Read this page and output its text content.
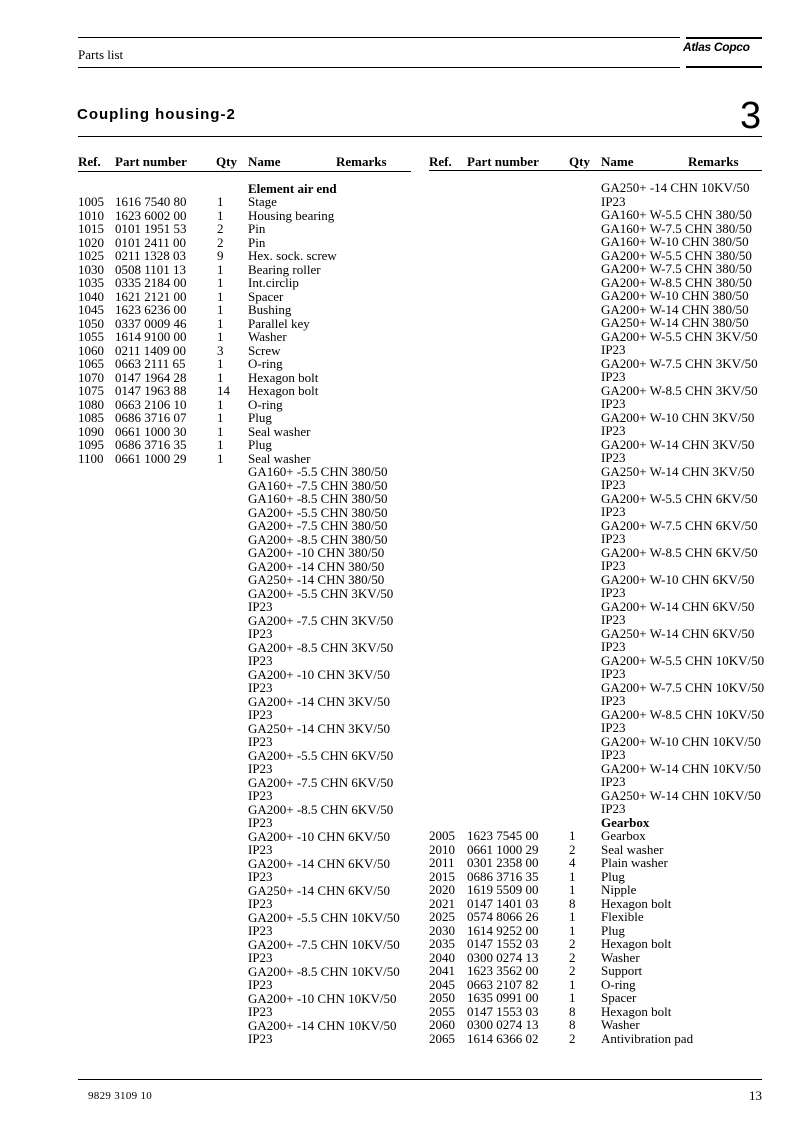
Parts list	Atlas Copco
Coupling housing-2	3
Ref. Part number Qty Name	Remarks	Ref. Part number Qty Name	Remarks
Element air end
1005 1616 7540 80 1 Stage
1010 1623 6002 00 1 Housing bearing
1015 0101 1951 53 2 Pin
1020 0101 2411 00 2 Pin
1025 0211 1328 03 9 Hex. sock. screw
1030 0508 1101 13 1 Bearing roller
1035 0335 2184 00 1 Int.circlip
1040 1621 2121 00 1 Spacer
1045 1623 6236 00 1 Bushing
1050 0337 0009 46 1 Parallel key
1055 1614 9100 00 1 Washer
1060 0211 1409 00 3 Screw
1065 0663 2111 65 1 O-ring
1070 0147 1964 28 1 Hexagon bolt
1075 0147 1963 88 14 Hexagon bolt
1080 0663 2106 10 1 O-ring
1085 0686 3716 07 1 Plug
1090 0661 1000 30 1 Seal washer
1095 0686 3716 35 1 Plug
1100 0661 1000 29 1 Seal washer
GA160+ -5.5 CHN 380/50
GA160+ -7.5 CHN 380/50
GA160+ -8.5 CHN 380/50
GA200+ -5.5 CHN 380/50
GA200+ -7.5 CHN 380/50
GA200+ -8.5 CHN 380/50
GA200+ -10 CHN 380/50
GA200+ -14 CHN 380/50
GA250+ -14 CHN 380/50
GA200+ -5.5 CHN 3KV/50
IP23
GA200+ -7.5 CHN 3KV/50
IP23
GA200+ -8.5 CHN 3KV/50
IP23
GA200+ -10 CHN 3KV/50
IP23
GA200+ -14 CHN 3KV/50
IP23
GA250+ -14 CHN 3KV/50
IP23
GA200+ -5.5 CHN 6KV/50
IP23
GA200+ -7.5 CHN 6KV/50
IP23
GA200+ -8.5 CHN 6KV/50
IP23
GA200+ -10 CHN 6KV/50
IP23
GA200+ -14 CHN 6KV/50
IP23
GA250+ -14 CHN 6KV/50
IP23
GA200+ -5.5 CHN 10KV/50
IP23
GA200+ -7.5 CHN 10KV/50
IP23
GA200+ -8.5 CHN 10KV/50
IP23
GA200+ -10 CHN 10KV/50
IP23
GA200+ -14 CHN 10KV/50
IP23
GA250+ -14 CHN 10KV/50
IP23
GA160+ W-5.5 CHN 380/50
GA160+ W-7.5 CHN 380/50
GA160+ W-10 CHN 380/50
GA200+ W-5.5 CHN 380/50
GA200+ W-7.5 CHN 380/50
GA200+ W-8.5 CHN 380/50
GA200+ W-10 CHN 380/50
GA200+ W-14 CHN 380/50
GA250+ W-14 CHN 380/50
GA200+ W-5.5 CHN 3KV/50
IP23
GA200+ W-7.5 CHN 3KV/50
IP23
GA200+ W-8.5 CHN 3KV/50
IP23
GA200+ W-10 CHN 3KV/50
IP23
GA200+ W-14 CHN 3KV/50
IP23
GA250+ W-14 CHN 3KV/50
IP23
GA200+ W-5.5 CHN 6KV/50
IP23
GA200+ W-7.5 CHN 6KV/50
IP23
GA200+ W-8.5 CHN 6KV/50
IP23
GA200+ W-10 CHN 6KV/50
IP23
GA200+ W-14 CHN 6KV/50
IP23
GA250+ W-14 CHN 6KV/50
IP23
GA200+ W-5.5 CHN 10KV/50
IP23
GA200+ W-7.5 CHN 10KV/50
IP23
GA200+ W-8.5 CHN 10KV/50
IP23
GA200+ W-10 CHN 10KV/50
IP23
GA200+ W-14 CHN 10KV/50
IP23
GA250+ W-14 CHN 10KV/50
IP23
Gearbox
2005 1623 7545 00 1 Gearbox
2010 0661 1000 29 2 Seal washer
2011 0301 2358 00 4 Plain washer
2015 0686 3716 35 1 Plug
2020 1619 5509 00 1 Nipple
2021 0147 1401 03 8 Hexagon bolt
2025 0574 8066 26 1 Flexible
2030 1614 9252 00 1 Plug
2035 0147 1552 03 2 Hexagon bolt
2040 0300 0274 13 2 Washer
2041 1623 3562 00 2 Support
2045 0663 2107 82 1 O-ring
2050 1635 0991 00 1 Spacer
2055 0147 1553 03 8 Hexagon bolt
2060 0300 0274 13 8 Washer
2065 1614 6366 02 2 Antivibration pad
9829 3109 10	13
